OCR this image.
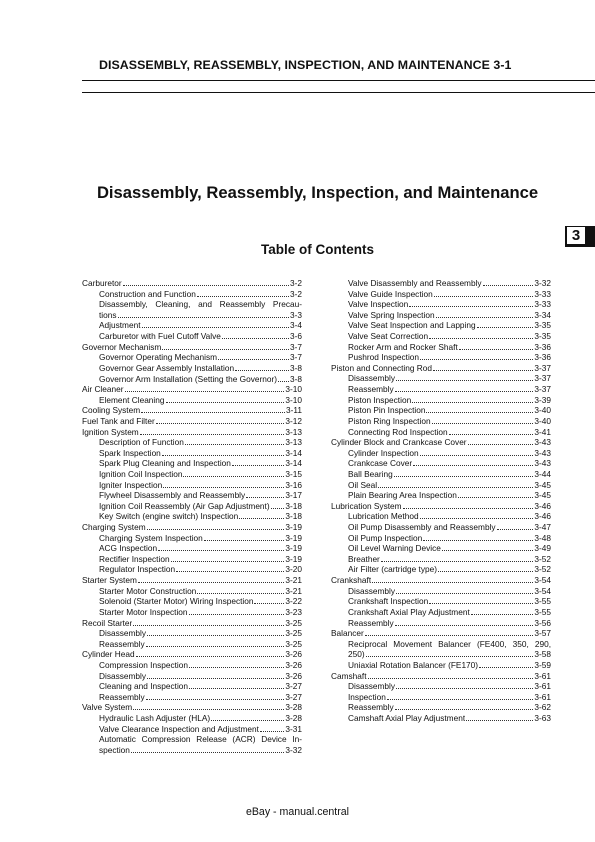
DISASSEMBLY, REASSEMBLY, INSPECTION, AND MAINTENANCE 3-1
Disassembly, Reassembly, Inspection, and Maintenance
3
Table of Contents
Carburetor	3-2
Construction and Function	3-2
Disassembly, Cleaning, and Reassembly Precau-
tions	3-3
Adjustment	3-4
Carburetor with Fuel Cutoff Valve	3-6
Governor Mechanism	3-7
Governor Operating Mechanism	3-7
Governor Gear Assembly Installation	3-8
Governor Arm Installation (Setting the Governor) 3-8
Air Cleaner	3-10
Element Cleaning	3-10
Cooling System	3-11
Fuel Tank and Filter	3-12
Ignition System	3-13
Description of Function	3-13
Spark Inspection	3-14
Spark Plug Cleaning and Inspection	3-14
Ignition Coil Inspection	3-15
Igniter Inspection	3-16
Flywheel Disassembly and Reassembly	3-17
Ignition Coil Reassembly (Air Gap Adjustment) 3-18
Key Switch (engine switch) Inspection	3-18
Charging System	3-19
Charging System Inspection	3-19
ACG Inspection	3-19
Rectifier Inspection	3-19
Regulator Inspection	3-20
Starter System	3-21
Starter Motor Construction	3-21
Solenoid (Starter Motor) Wiring Inspection	3-22
Starter Motor Inspection	3-23
Recoil Starter	3-25
Disassembly	3-25
Reassembly	3-25
Cylinder Head	3-26
Compression Inspection	3-26
Disassembly	3-26
Cleaning and Inspection	3-27
Reassembly	3-27
Valve System	3-28
Hydraulic Lash Adjuster (HLA)	3-28
Valve Clearance Inspection and Adjustment	3-31
Automatic Compression Release (ACR) Device In-
spection	3-32
Valve Disassembly and Reassembly	3-32
Valve Guide Inspection	3-33
Valve Inspection	3-33
Valve Spring Inspection	3-34
Valve Seat Inspection and Lapping	3-35
Valve Seat Correction	3-35
Rocker Arm and Rocker Shaft	3-36
Pushrod Inspection	3-36
Piston and Connecting Rod	3-37
Disassembly	3-37
Reassembly	3-37
Piston Inspection	3-39
Piston Pin Inspection	3-40
Piston Ring Inspection	3-40
Connecting Rod Inspection	3-41
Cylinder Block and Crankcase Cover	3-43
Cylinder Inspection	3-43
Crankcase Cover	3-43
Ball Bearing	3-44
Oil Seal	3-45
Plain Bearing Area Inspection	3-45
Lubrication System	3-46
Lubrication Method	3-46
Oil Pump Disassembly and Reassembly	3-47
Oil Pump Inspection	3-48
Oil Level Warning Device	3-49
Breather	3-52
Air Filter (cartridge type)	3-52
Crankshaft	3-54
Disassembly	3-54
Crankshaft Inspection	3-55
Crankshaft Axial Play Adjustment	3-55
Reassembly	3-56
Balancer	3-57
Reciprocal Movement Balancer (FE400, 350, 290,
250)	3-58
Uniaxial Rotation Balancer (FE170)	3-59
Camshaft	3-61
Disassembly	3-61
Inspection	3-61
Reassembly	3-62
Camshaft Axial Play Adjustment	3-63
eBay - manual.central
